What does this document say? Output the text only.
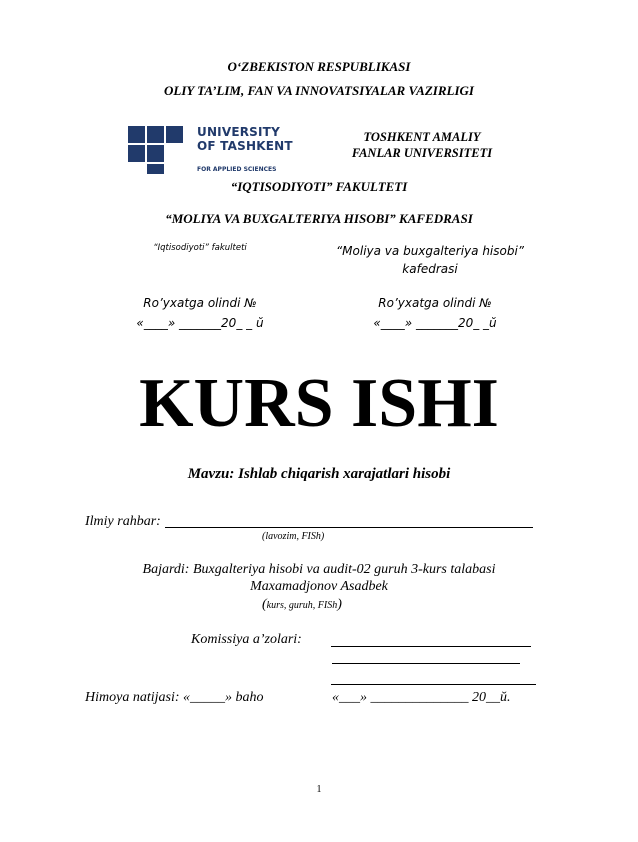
O‘ZBEKISTON RESPUBLIKASI
OLIY TA’LIM, FAN VA INNOVATSIYALAR VAZIRLIGI
UNIVERSITY
OF TASHKENT
FOR APPLIED SCIENCES
TOSHKENT AMALIY
FANLAR UNIVERSITETI
“IQTISODIYOTI” FAKULTETI
“MOLIYA VA BUXGALTERIYA HISOBI” KAFEDRASI
“Iqtisodiyoti” fakulteti
Ro’yxatga olindi №
«____» _______20_ _ ŭ
“Moliya va buxgalteriya hisobi”
kafedrasi
Ro’yxatga olindi №
«____» _______20_ _ŭ
KURS ISHI
Mavzu: Ishlab chiqarish xarajatlari hisobi
Ilmiy rahbar:
(lavozim, FISh)
Bajardi: Buxgalteriya hisobi va audit-02 guruh 3-kurs talabasi
Maxamadjonov Asadbek
(kurs, guruh, FISh)
Komissiya a’zolari:
Himoya natijasi: «_____» baho	«___» ______________ 20__ŭ.
1
